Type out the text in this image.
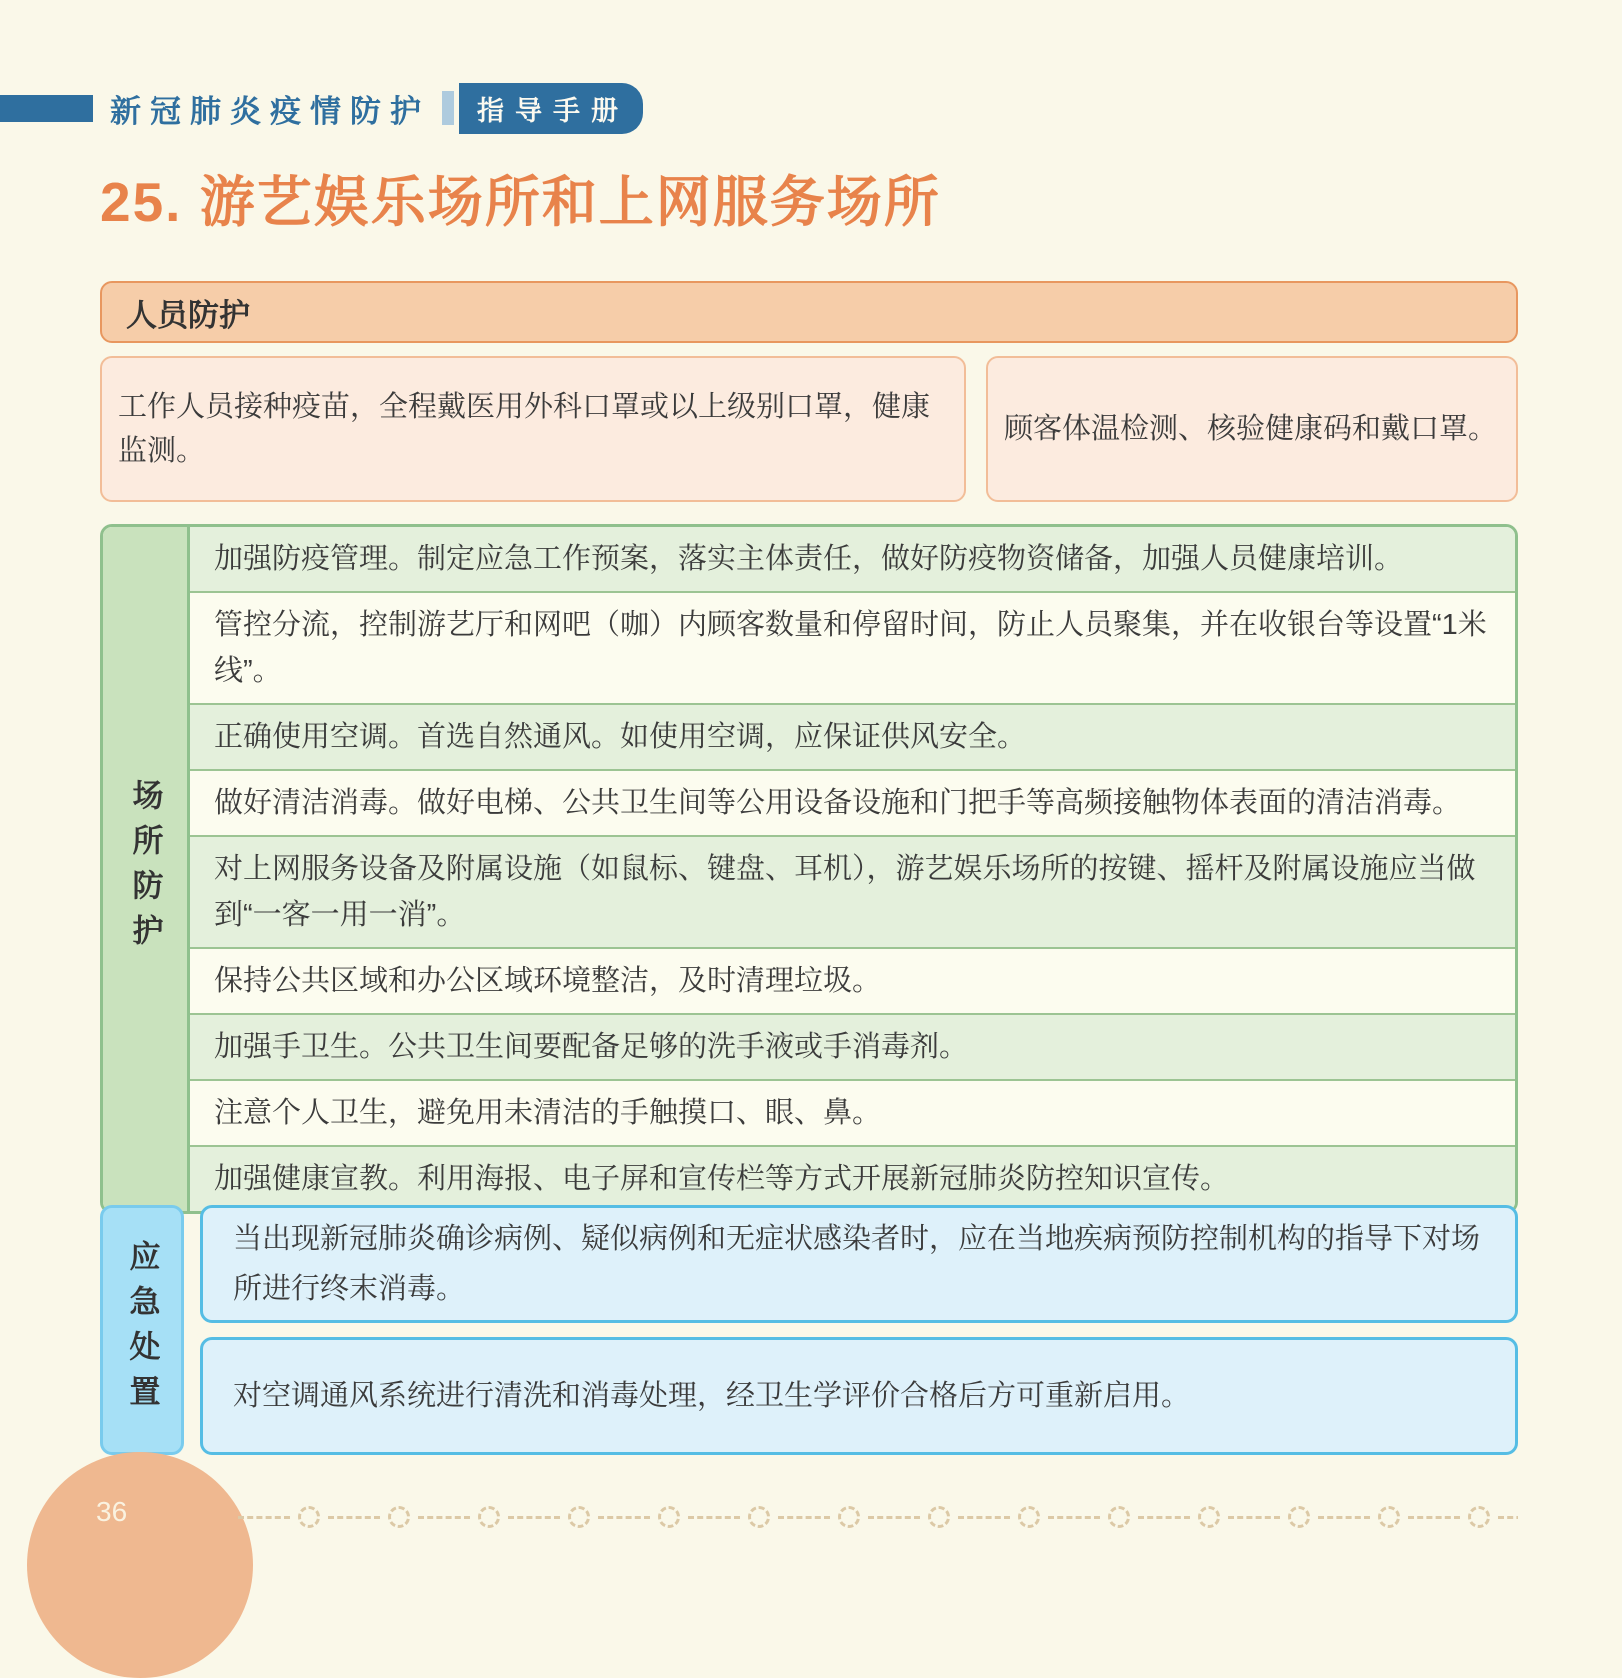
新冠肺炎疫情防护	指导手册
25. 游艺娱乐场所和上网服务场所
人员防护
工作人员接种疫苗，全程戴医用外科口罩或以上级别口罩，健康监测。
顾客体温检测、核验健康码和戴口罩。
场所防护
加强防疫管理。制定应急工作预案，落实主体责任，做好防疫物资储备，加强人员健康培训。
管控分流，控制游艺厅和网吧（咖）内顾客数量和停留时间，防止人员聚集，并在收银台等设置“1米线”。
正确使用空调。首选自然通风。如使用空调，应保证供风安全。
做好清洁消毒。做好电梯、公共卫生间等公用设备设施和门把手等高频接触物体表面的清洁消毒。
对上网服务设备及附属设施（如鼠标、键盘、耳机），游艺娱乐场所的按键、摇杆及附属设施应当做到“一客一用一消”。
保持公共区域和办公区域环境整洁，及时清理垃圾。
加强手卫生。公共卫生间要配备足够的洗手液或手消毒剂。
注意个人卫生，避免用未清洁的手触摸口、眼、鼻。
加强健康宣教。利用海报、电子屏和宣传栏等方式开展新冠肺炎防控知识宣传。
应急处置
当出现新冠肺炎确诊病例、疑似病例和无症状感染者时，应在当地疾病预防控制机构的指导下对场所进行终末消毒。
对空调通风系统进行清洗和消毒处理，经卫生学评价合格后方可重新启用。
36
